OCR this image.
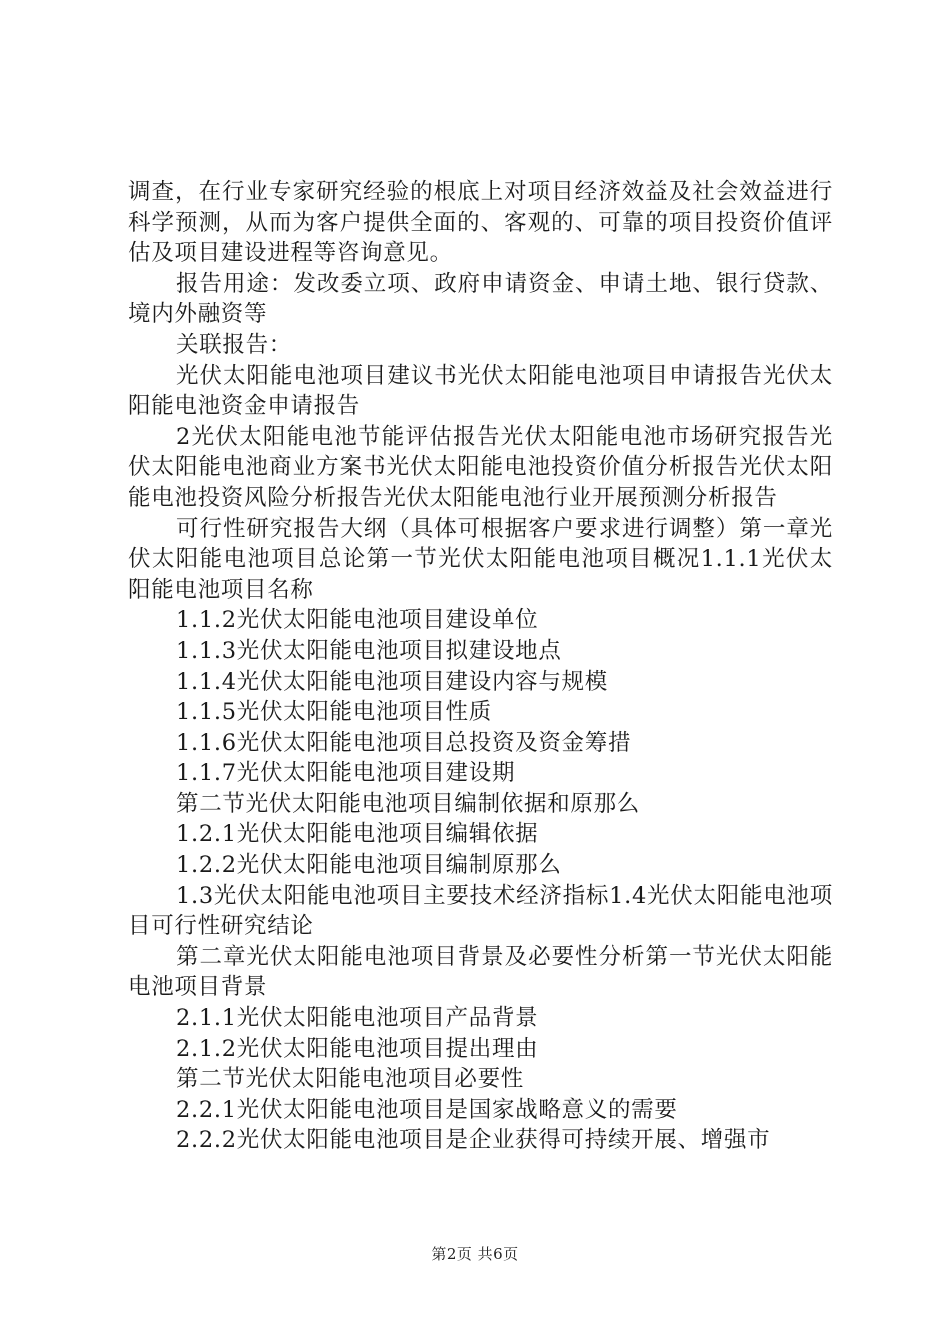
调查，在行业专家研究经验的根底上对项目经济效益及社会效益进行科学预测，从而为客户提供全面的、客观的、可靠的项目投资价值评估及项目建设进程等咨询意见。

报告用途：发改委立项、政府申请资金、申请土地、银行贷款、境内外融资等

关联报告：

光伏太阳能电池项目建议书光伏太阳能电池项目申请报告光伏太阳能电池资金申请报告

2光伏太阳能电池节能评估报告光伏太阳能电池市场研究报告光伏太阳能电池商业方案书光伏太阳能电池投资价值分析报告光伏太阳能电池投资风险分析报告光伏太阳能电池行业开展预测分析报告

可行性研究报告大纲（具体可根据客户要求进行调整）第一章光伏太阳能电池项目总论第一节光伏太阳能电池项目概况1.1.1光伏太阳能电池项目名称

1.1.2光伏太阳能电池项目建设单位

1.1.3光伏太阳能电池项目拟建设地点

1.1.4光伏太阳能电池项目建设内容与规模

1.1.5光伏太阳能电池项目性质

1.1.6光伏太阳能电池项目总投资及资金筹措

1.1.7光伏太阳能电池项目建设期

第二节光伏太阳能电池项目编制依据和原那么

1.2.1光伏太阳能电池项目编辑依据

1.2.2光伏太阳能电池项目编制原那么

1.3光伏太阳能电池项目主要技术经济指标1.4光伏太阳能电池项目可行性研究结论

第二章光伏太阳能电池项目背景及必要性分析第一节光伏太阳能电池项目背景

2.1.1光伏太阳能电池项目产品背景

2.1.2光伏太阳能电池项目提出理由

第二节光伏太阳能电池项目必要性

2.2.1光伏太阳能电池项目是国家战略意义的需要

2.2.2光伏太阳能电池项目是企业获得可持续开展、增强市

第2页 共6页
